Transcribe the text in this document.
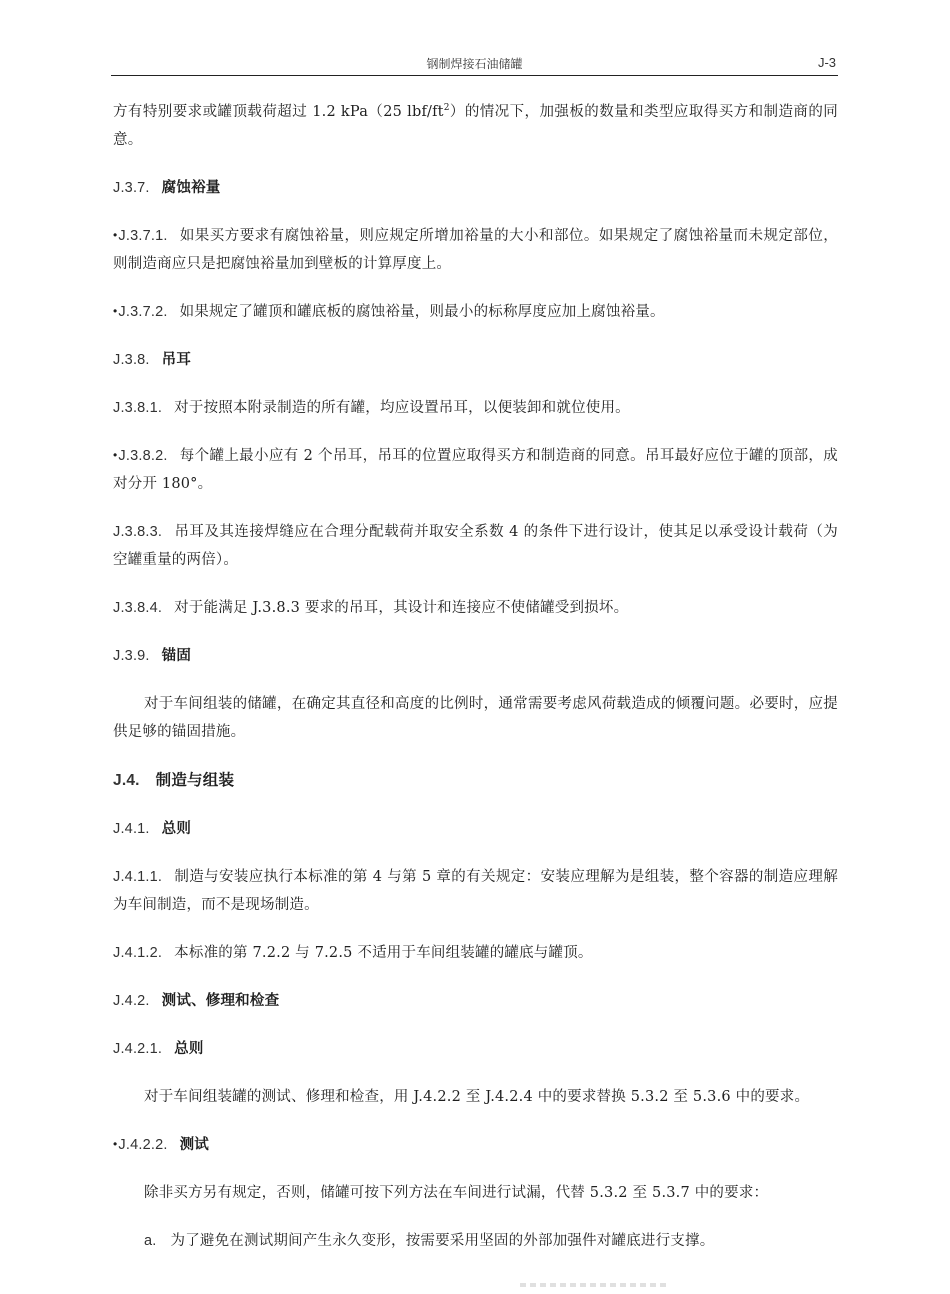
钢制焊接石油储罐	J-3

方有特别要求或罐顶载荷超过 1.2 kPa（25 lbf/$ft^2$）的情况下，加强板的数量和类型应取得买方和制造商的同意。

J.3.7. 腐蚀裕量

•J.3.7.1. 如果买方要求有腐蚀裕量，则应规定所增加裕量的大小和部位。如果规定了腐蚀裕量而未规定部位，则制造商应只是把腐蚀裕量加到壁板的计算厚度上。

•J.3.7.2. 如果规定了罐顶和罐底板的腐蚀裕量，则最小的标称厚度应加上腐蚀裕量。

J.3.8. 吊耳

J.3.8.1. 对于按照本附录制造的所有罐，均应设置吊耳，以便装卸和就位使用。

•J.3.8.2. 每个罐上最小应有 2 个吊耳，吊耳的位置应取得买方和制造商的同意。吊耳最好应位于罐的顶部，成对分开 180°。

J.3.8.3. 吊耳及其连接焊缝应在合理分配载荷并取安全系数 4 的条件下进行设计，使其足以承受设计载荷（为空罐重量的两倍）。

J.3.8.4. 对于能满足 J.3.8.3 要求的吊耳，其设计和连接应不使储罐受到损坏。

J.3.9. 锚固

对于车间组装的储罐，在确定其直径和高度的比例时，通常需要考虑风荷载造成的倾覆问题。必要时，应提供足够的锚固措施。

J.4. 制造与组装

J.4.1. 总则

J.4.1.1. 制造与安装应执行本标准的第 4 与第 5 章的有关规定：安装应理解为是组装，整个容器的制造应理解为车间制造，而不是现场制造。

J.4.1.2. 本标准的第 7.2.2 与 7.2.5 不适用于车间组装罐的罐底与罐顶。

J.4.2. 测试、修理和检查

J.4.2.1. 总则

对于车间组装罐的测试、修理和检查，用 J.4.2.2 至 J.4.2.4 中的要求替换 5.3.2 至 5.3.6 中的要求。

•J.4.2.2. 测试

除非买方另有规定，否则，储罐可按下列方法在车间进行试漏，代替 5.3.2 至 5.3.7 中的要求：

a. 为了避免在测试期间产生永久变形，按需要采用坚固的外部加强件对罐底进行支撑。
